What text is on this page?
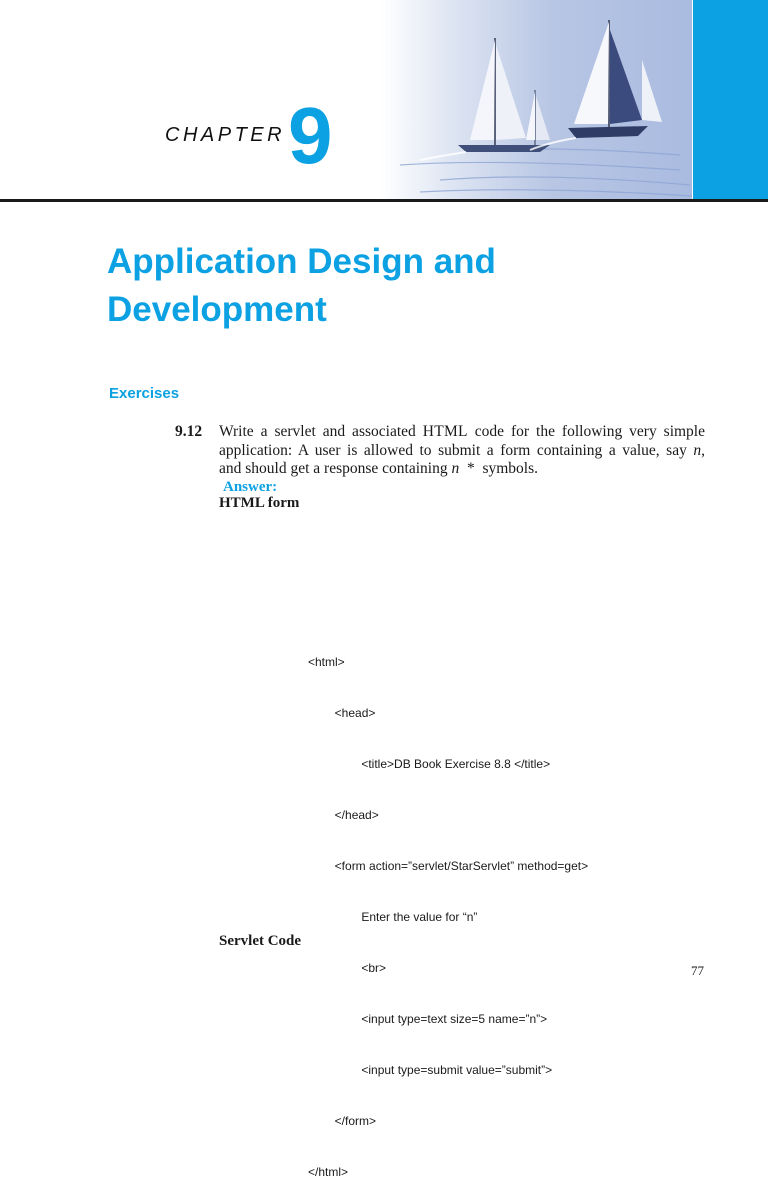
CHAPTER 9
Application Design and
Development
Exercises
9.12 Write a servlet and associated HTML code for the following very simple
application: A user is allowed to submit a form containing a value, say n,
and should get a response containing n  *  symbols.
Answer:
HTML form

<html>

<head>

<title>DB Book Exercise 8.8 </title>

</head>

<form action=”servlet/StarServlet” method=get>

Enter the value for “n”

<br>

<input type=text size=5 name=”n”>

<input type=submit value=”submit”>

</form>

</html>

Servlet Code
77
